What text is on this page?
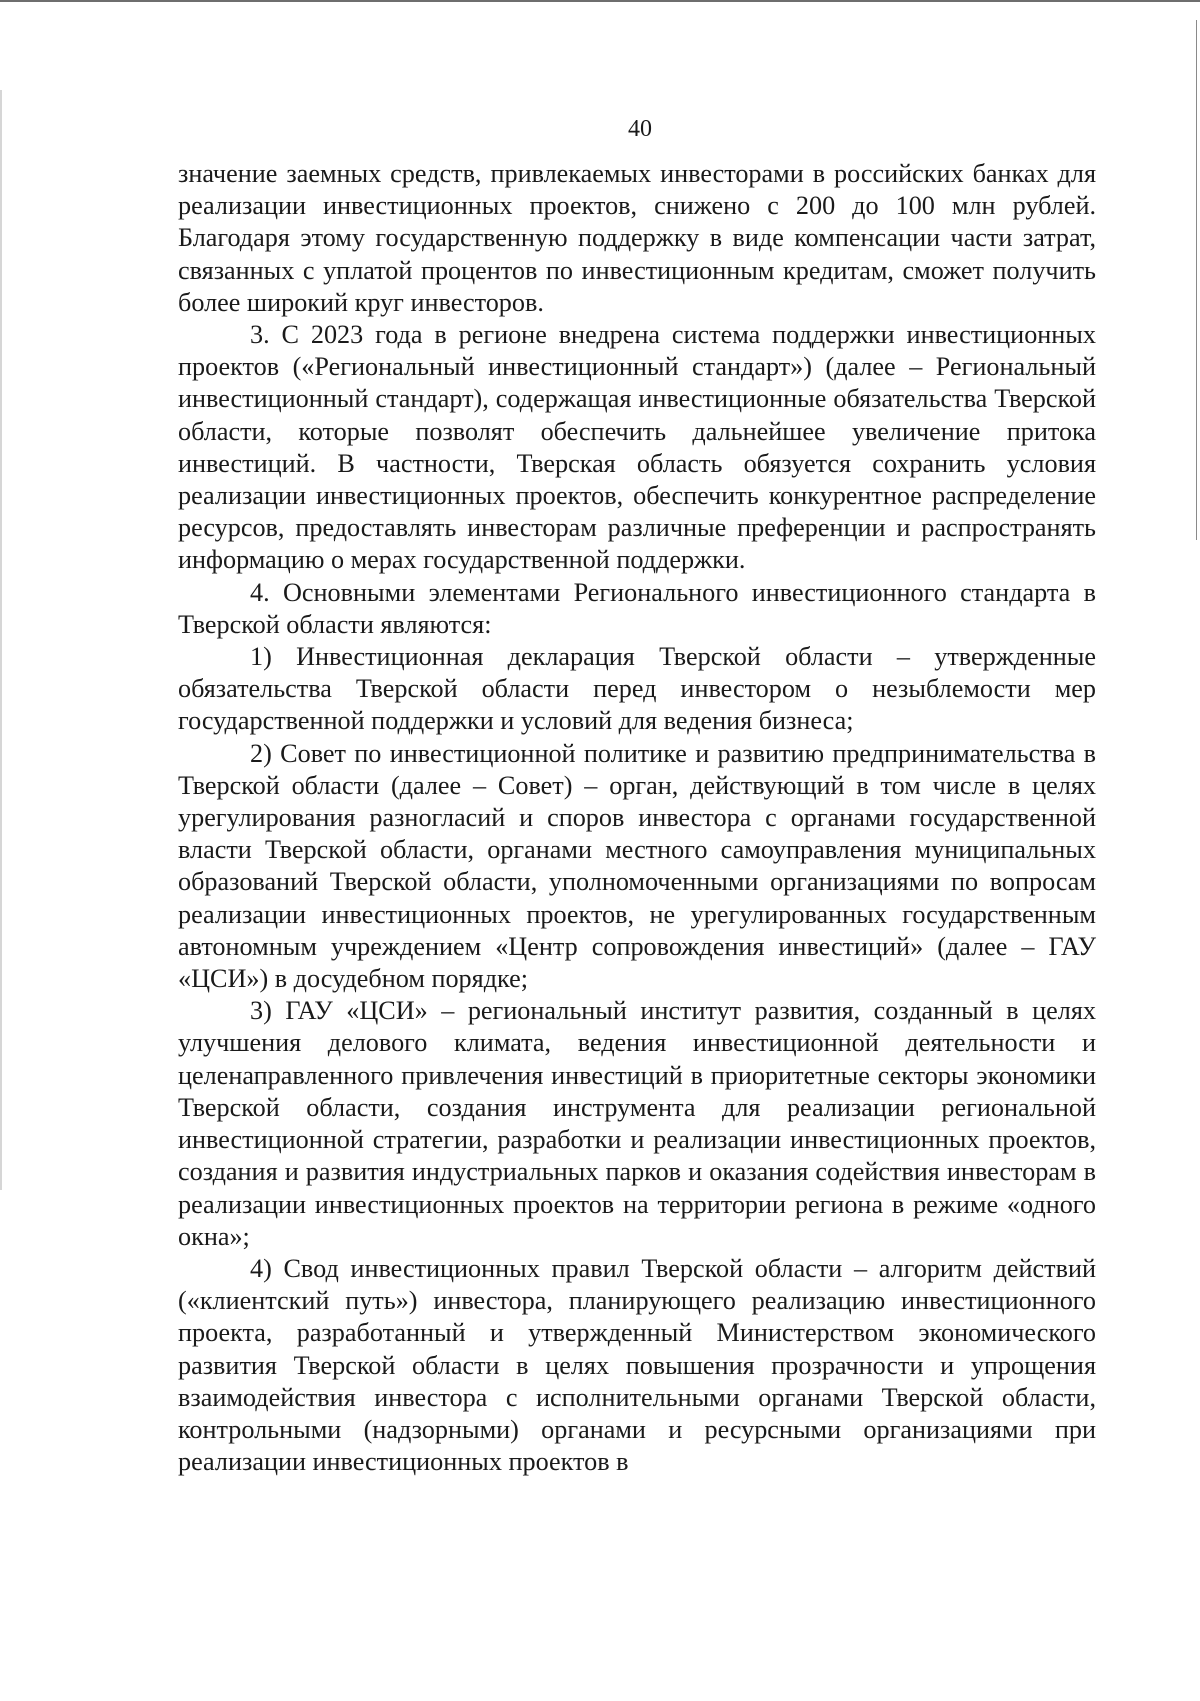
40

значение заемных средств, привлекаемых инвесторами в российских банках для реализации инвестиционных проектов, снижено с 200 до 100 млн рублей. Благодаря этому государственную поддержку в виде компенсации части затрат, связанных с уплатой процентов по инвестиционным кредитам, сможет получить более широкий круг инвесторов.

3. С 2023 года в регионе внедрена система поддержки инвестиционных проектов («Региональный инвестиционный стандарт») (далее – Региональный инвестиционный стандарт), содержащая инвестиционные обязательства Тверской области, которые позволят обеспечить дальнейшее увеличение притока инвестиций. В частности, Тверская область обязуется сохранить условия реализации инвестиционных проектов, обеспечить конкурентное распределение ресурсов, предоставлять инвесторам различные преференции и распространять информацию о мерах государственной поддержки.

4. Основными элементами Регионального инвестиционного стандарта в Тверской области являются:

1) Инвестиционная декларация Тверской области – утвержденные обязательства Тверской области перед инвестором о незыблемости мер государственной поддержки и условий для ведения бизнеса;

2) Совет по инвестиционной политике и развитию предпринимательства в Тверской области (далее – Совет) – орган, действующий в том числе в целях урегулирования разногласий и споров инвестора с органами государственной власти Тверской области, органами местного самоуправления муниципальных образований Тверской области, уполномоченными организациями по вопросам реализации инвестиционных проектов, не урегулированных государственным автономным учреждением «Центр сопровождения инвестиций» (далее – ГАУ «ЦСИ») в досудебном порядке;

3) ГАУ «ЦСИ» – региональный институт развития, созданный в целях улучшения делового климата, ведения инвестиционной деятельности и целенаправленного привлечения инвестиций в приоритетные секторы экономики Тверской области, создания инструмента для реализации региональной инвестиционной стратегии, разработки и реализации инвестиционных проектов, создания и развития индустриальных парков и оказания содействия инвесторам в реализации инвестиционных проектов на территории региона в режиме «одного окна»;

4) Свод инвестиционных правил Тверской области – алгоритм действий («клиентский путь») инвестора, планирующего реализацию инвестиционного проекта, разработанный и утвержденный Министерством экономического развития Тверской области в целях повышения прозрачности и упрощения взаимодействия инвестора с исполнительными органами Тверской области, контрольными (надзорными) органами и ресурсными организациями при реализации инвестиционных проектов в
